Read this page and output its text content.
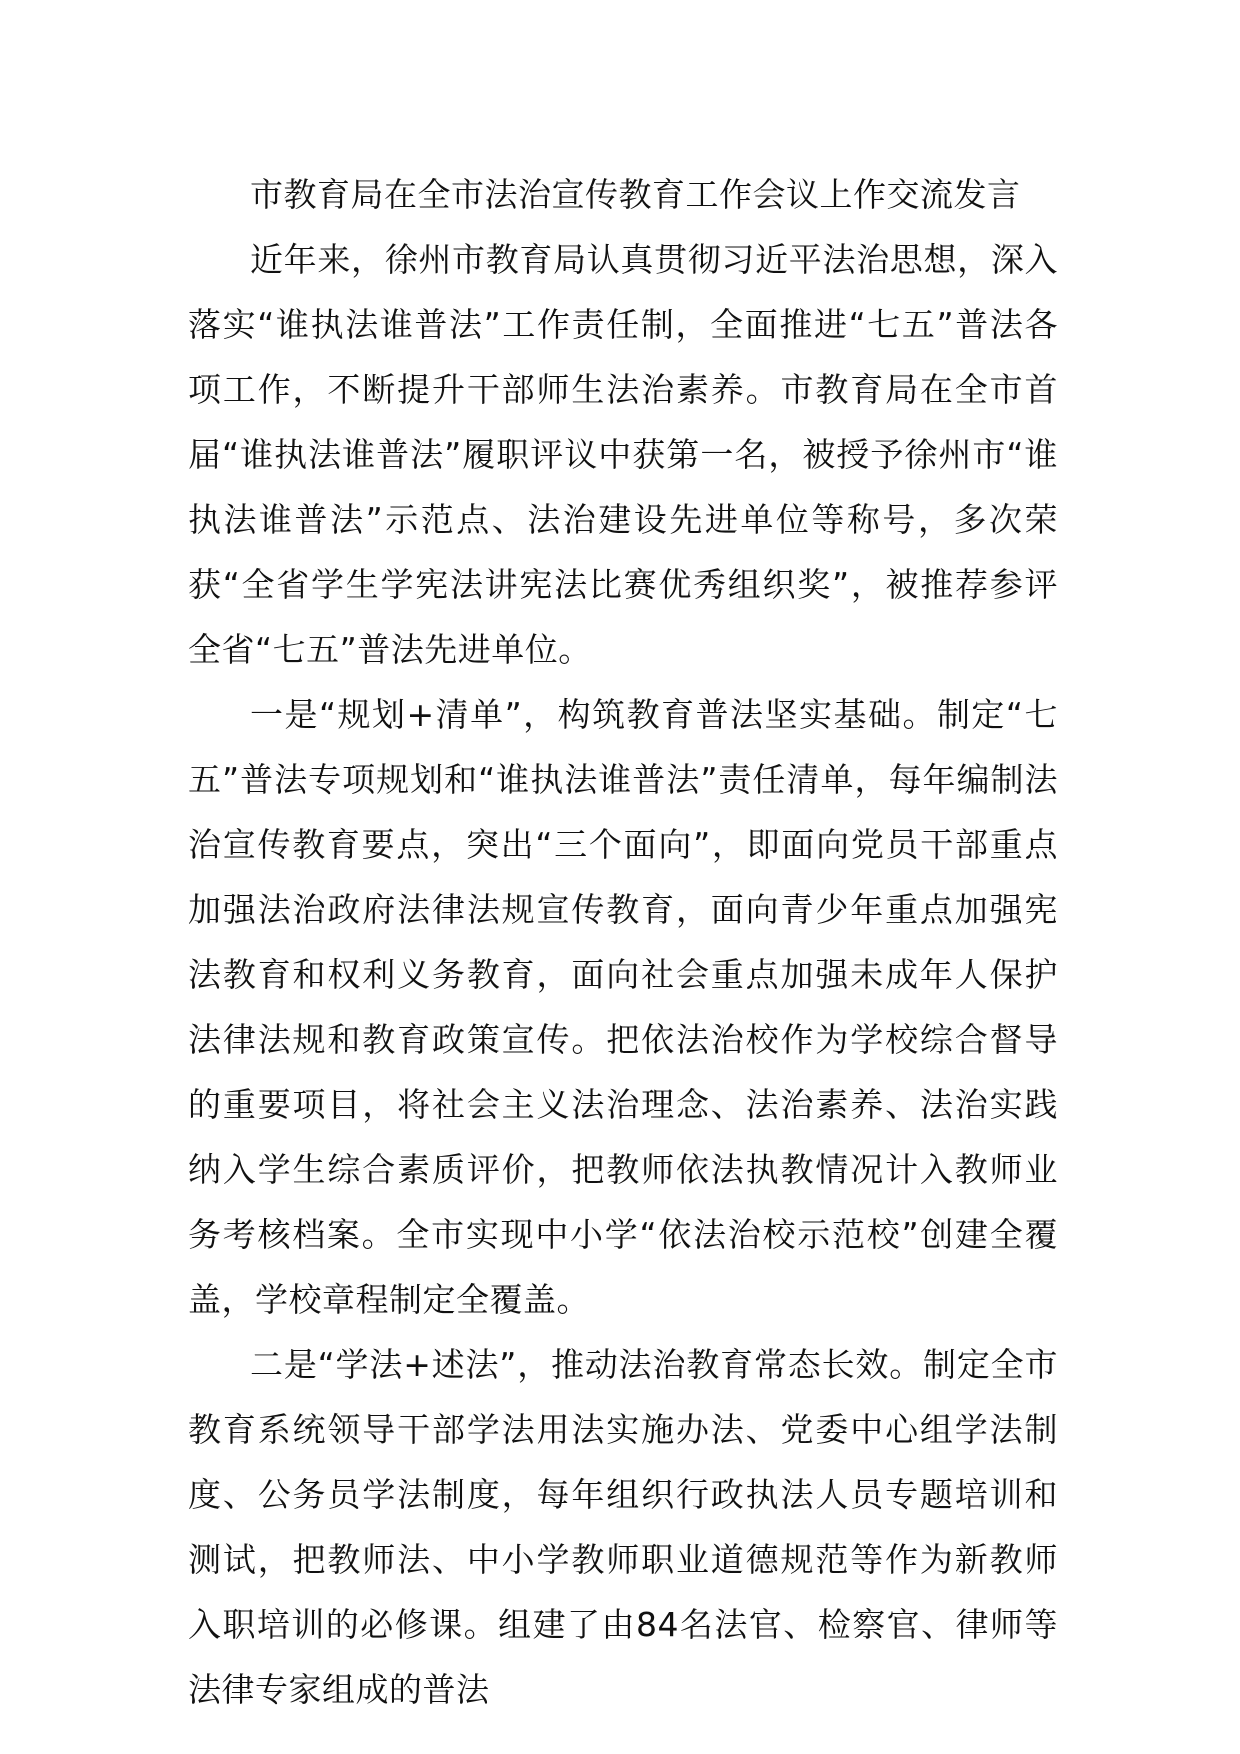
市教育局在全市法治宣传教育工作会议上作交流发言

近年来，徐州市教育局认真贯彻习近平法治思想，深入落实“谁执法谁普法”工作责任制，全面推进“七五”普法各项工作，不断提升干部师生法治素养。市教育局在全市首届“谁执法谁普法”履职评议中获第一名，被授予徐州市“谁执法谁普法”示范点、法治建设先进单位等称号，多次荣获“全省学生学宪法讲宪法比赛优秀组织奖”，被推荐参评全省“七五”普法先进单位。

一是“规划+清单”，构筑教育普法坚实基础。制定“七五”普法专项规划和“谁执法谁普法”责任清单，每年编制法治宣传教育要点，突出“三个面向”，即面向党员干部重点加强法治政府法律法规宣传教育，面向青少年重点加强宪法教育和权利义务教育，面向社会重点加强未成年人保护法律法规和教育政策宣传。把依法治校作为学校综合督导的重要项目，将社会主义法治理念、法治素养、法治实践纳入学生综合素质评价，把教师依法执教情况计入教师业务考核档案。全市实现中小学“依法治校示范校”创建全覆盖，学校章程制定全覆盖。

二是“学法+述法”，推动法治教育常态长效。制定全市教育系统领导干部学法用法实施办法、党委中心组学法制度、公务员学法制度，每年组织行政执法人员专题培训和测试，把教师法、中小学教师职业道德规范等作为新教师入职培训的必修课。组建了由84名法官、检察官、律师等法律专家组成的普法
